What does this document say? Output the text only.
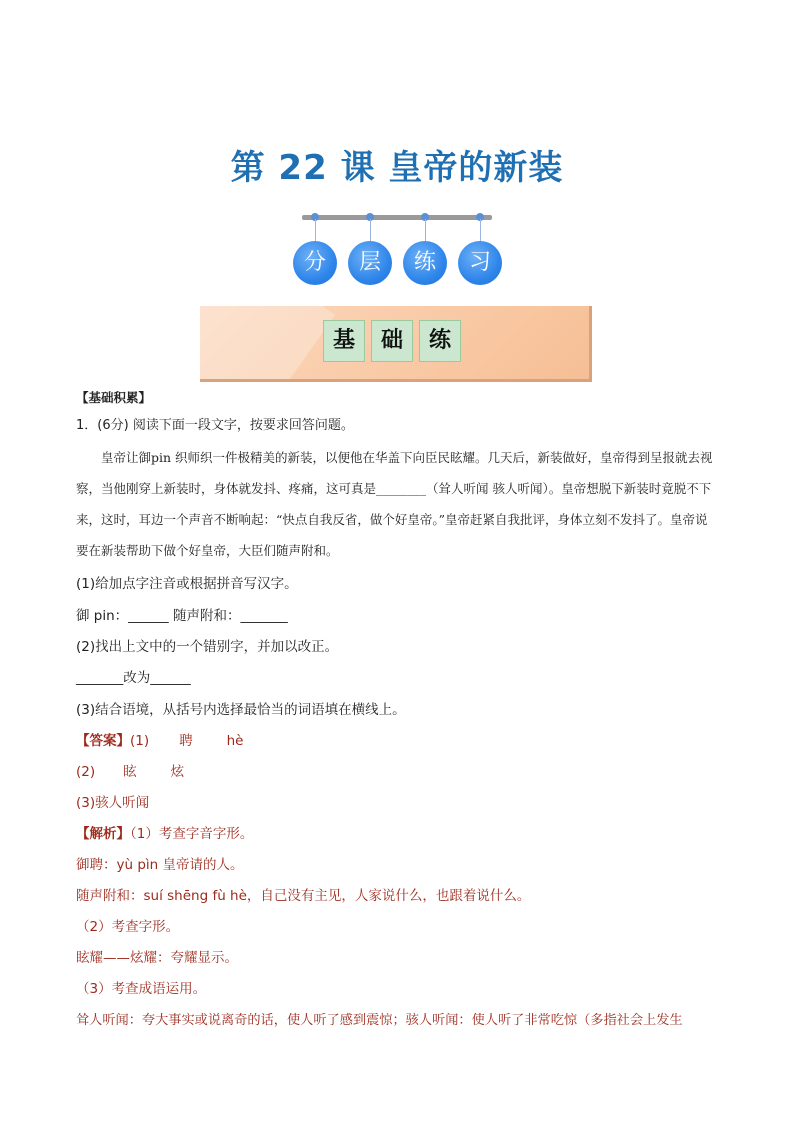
第 22 课 皇帝的新装
分	层	练	习
基	础	练
【基础积累】
1．(6分) 阅读下面一段文字，按要求回答问题。
皇帝让御pin 织师织一件极精美的新装，以便他在华盖下向臣民眩耀。几天后，新装做好，皇帝得到呈报就去视察，当他刚穿上新装时，身体就发抖、疼痛，这可真是________（耸人听闻 骇人听闻）。皇帝想脱下新装时竟脱不下来，这时，耳边一个声音不断响起：“快点自我反省，做个好皇帝。”皇帝赶紧自我批评，身体立刻不发抖了。皇帝说要在新装帮助下做个好皇帝，大臣们随声附和。
(1)给加点字注音或根据拼音写汉字。
御 pin：______ 随声附和：_______
(2)找出上文中的一个错别字，并加以改正。
_______改为______
(3)结合语境，从括号内选择最恰当的词语填在横线上。
【答案】(1) 聘	hè
(2) 眩	炫
(3)骇人听闻
【解析】（1）考查字音字形。
御聘：yù pìn 皇帝请的人。
随声附和：suí shēng fù hè，自己没有主见，人家说什么，也跟着说什么。
（2）考查字形。
眩耀——炫耀：夸耀显示。
（3）考查成语运用。
耸人听闻：夸大事实或说离奇的话，使人听了感到震惊；骇人听闻：使人听了非常吃惊（多指社会上发生
